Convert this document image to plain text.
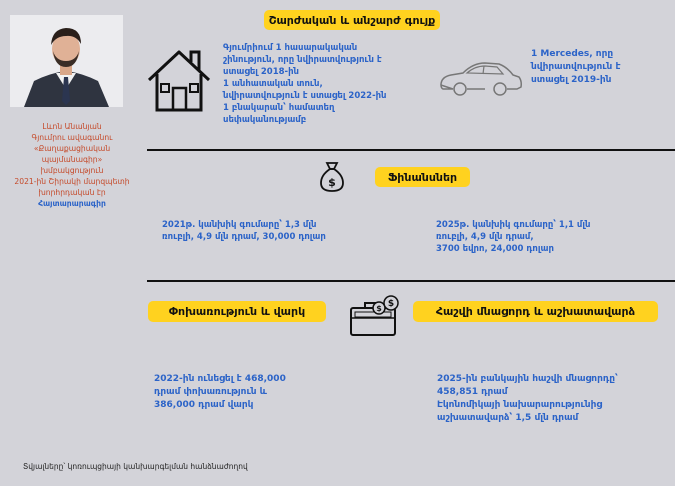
Լևոն Անանյան
Գյումրու ավագանու
«Քաղաքացիական
պայմանագիր»
խմբակցություն
2021-ին Շիրակի մարզպետի
խորհրդական էր
Հայտարարագիր
Շարժական և անշարժ գույք
Գյումրիում 1 հասարակական
շինություն, որը նվիրատվություն է
ստացել 2018-ին
1 անհատական տուն,
նվիրատվություն է ստացել 2022-ին
1 բնակարան՝ համատեղ
սեփականությամբ
1 Mercedes, որը
նվիրատվություն է
ստացել 2019-ին
$	Ֆինանսներ
2021թ. կանխիկ գումարը՝ 1,3 մլն
ռուբլի, 4,9 մլն դրամ, 30,000 դոլար
2025թ. կանխիկ գումարը՝ 1,1 մլն
ռուբլի, 4,9 մլն դրամ,
3700 եվրո, 24,000 դոլար
Փոխառություն և վարկ	$ $
Հաշվի մնացորդ և աշխատավարձ
2022-ին ունեցել է 468,000
դրամ փոխառություն և
386,000 դրամ վարկ
2025-ին բանկային հաշվի մնացորդը՝
458,851 դրամ
Էկոնոմիկայի նախարարությունից
աշխատավարձ՝ 1,5 մլն դրամ
Տվյալները՝ կոռուպցիայի կանխարգելման հանձնաժողով
